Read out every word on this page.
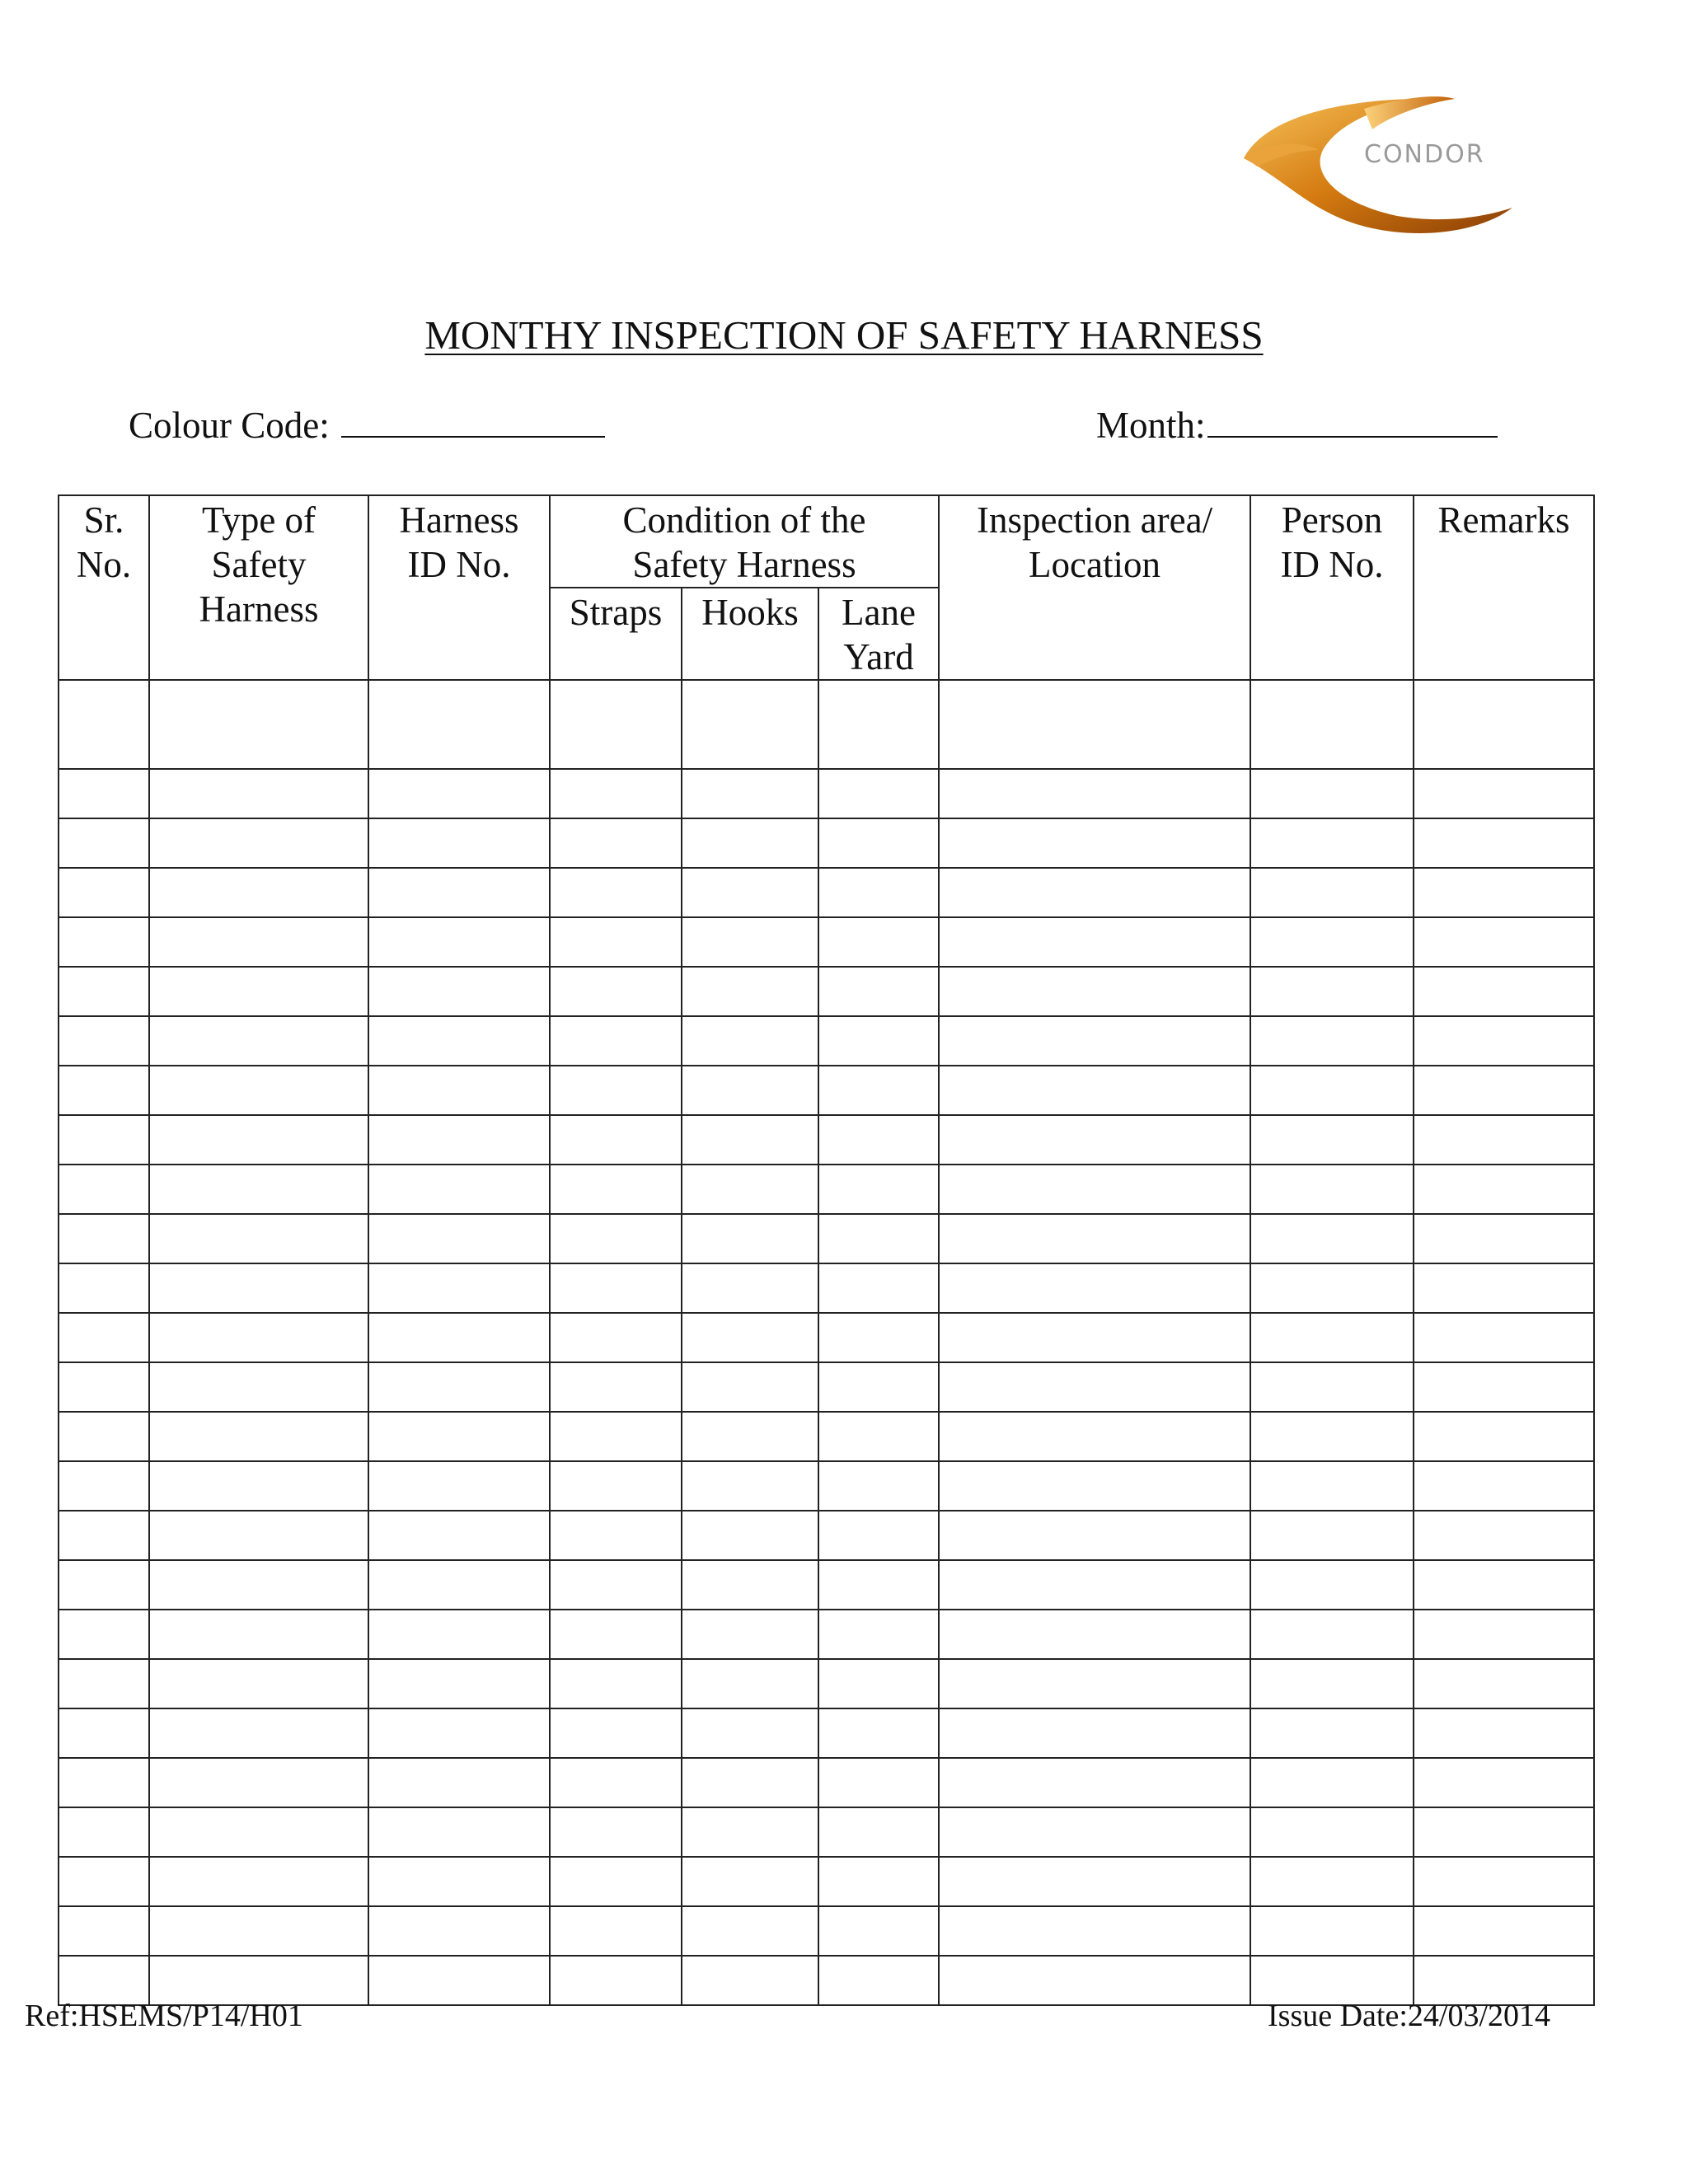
CONDOR
MONTHY INSPECTION OF SAFETY HARNESS
Colour Code:	Month:
Sr. No.	Type of Safety Harness	Harness ID No.	Condition of the Safety Harness			Inspection area/ Location	Person ID No.	Remarks
			Straps	Hooks	Lane Yard			

Ref:HSEMS/P14/H01	Issue Date:24/03/2014
